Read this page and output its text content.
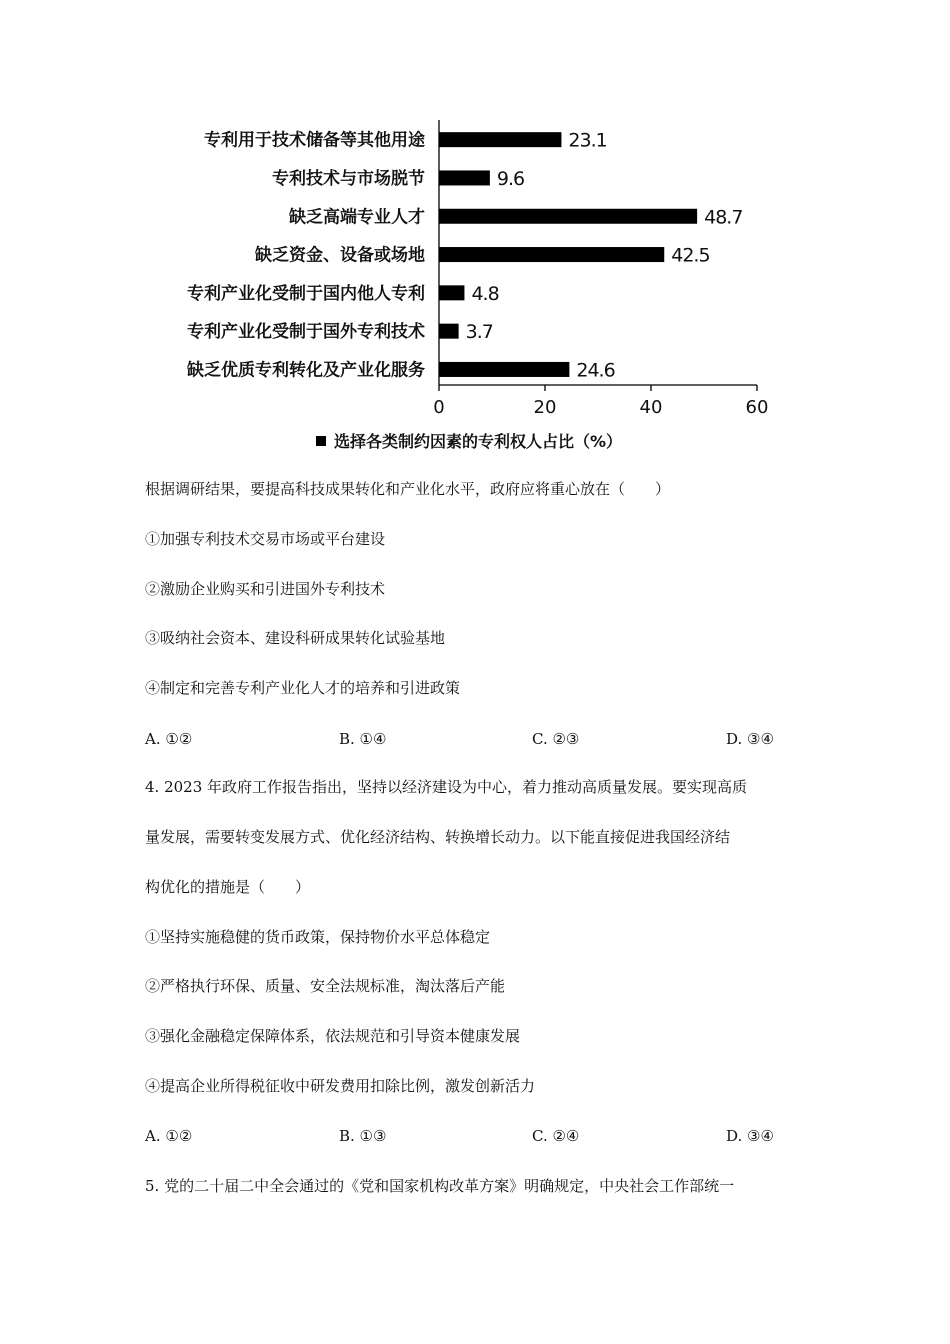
专利用于技术储备等其他用途	23.1
专利技术与市场脱节	9.6
缺乏高端专业人才	48.7
缺乏资金、设备或场地	42.5
专利产业化受制于国内他人专利 4.8
专利产业化受制于国外专利技术 3.7
缺乏优质专利转化及产业化服务	24.6
0	20	40	60
选择各类制约因素的专利权人占比（%）
根据调研结果，要提高科技成果转化和产业化水平，政府应将重心放在（　　）
①加强专利技术交易市场或平台建设
②激励企业购买和引进国外专利技术
③吸纳社会资本、建设科研成果转化试验基地
④制定和完善专利产业化人才的培养和引进政策
A. ①②	B. ①④	C. ②③	D. ③④
4. 2023 年政府工作报告指出，坚持以经济建设为中心，着力推动高质量发展。要实现高质
量发展，需要转变发展方式、优化经济结构、转换增长动力。以下能直接促进我国经济结
构优化的措施是（　　）
①坚持实施稳健的货币政策，保持物价水平总体稳定
②严格执行环保、质量、安全法规标准，淘汰落后产能
③强化金融稳定保障体系，依法规范和引导资本健康发展
④提高企业所得税征收中研发费用扣除比例，激发创新活力
A. ①②	B. ①③	C. ②④	D. ③④
5. 党的二十届二中全会通过的《党和国家机构改革方案》明确规定，中央社会工作部统一
